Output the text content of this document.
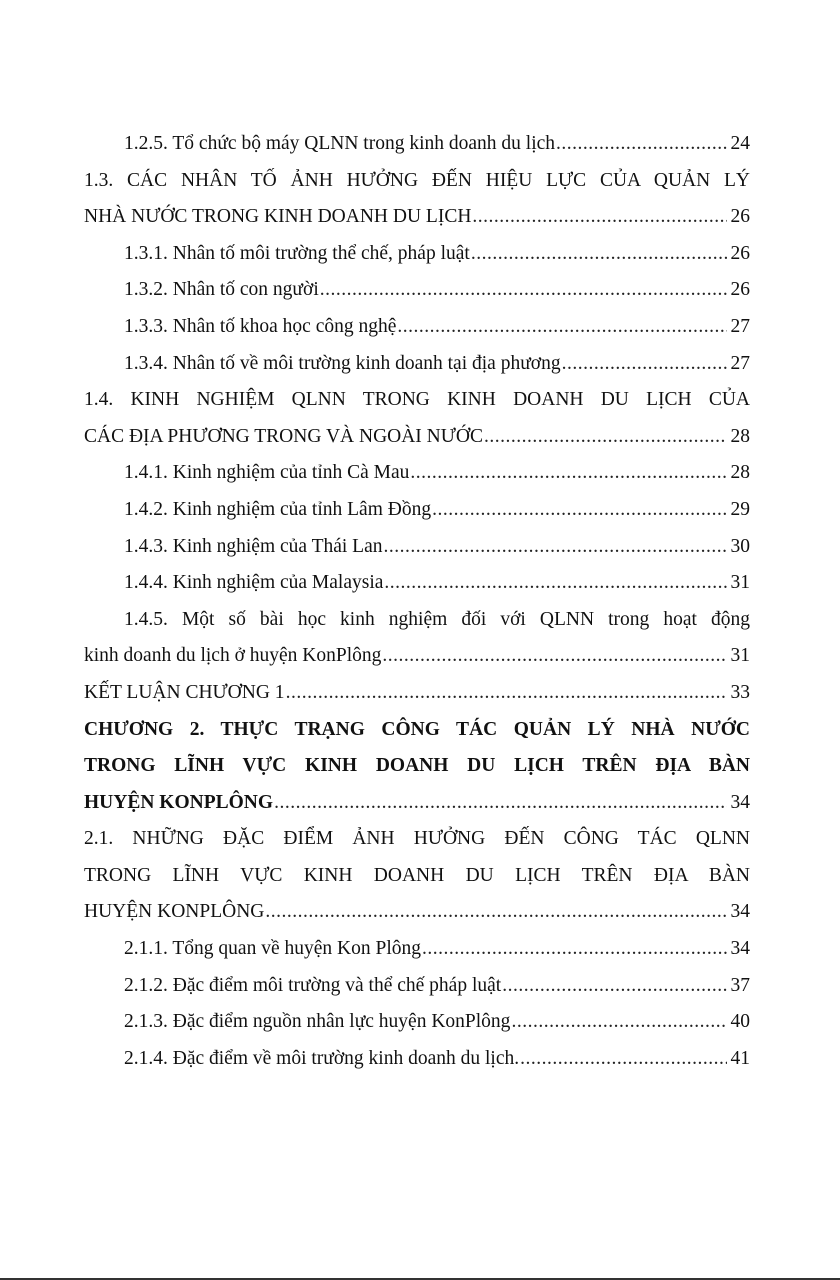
1.2.5. Tổ chức bộ máy QLNN trong kinh doanh du lịch .....	24
1.3. CÁC NHÂN TỐ ẢNH HƯỞNG ĐẾN HIỆU LỰC CỦA QUẢN LÝ
NHÀ NƯỚC TRONG KINH DOANH DU LỊCH .....	26
1.3.1. Nhân tố môi trường thể chế, pháp luật .....	26
1.3.2. Nhân tố con người .....	26
1.3.3. Nhân tố khoa học công nghệ .....	27
1.3.4. Nhân tố về môi trường kinh doanh tại địa phương .....	27
1.4. KINH NGHIỆM QLNN TRONG KINH DOANH DU LỊCH CỦA
CÁC ĐỊA PHƯƠNG TRONG VÀ NGOÀI NƯỚC .....	28
1.4.1. Kinh nghiệm của tỉnh Cà Mau .....	28
1.4.2. Kinh nghiệm của tỉnh Lâm Đồng .....	29
1.4.3. Kinh nghiệm của Thái Lan .....	30
1.4.4. Kinh nghiệm của Malaysia .....	31
1.4.5. Một số bài học kinh nghiệm đối với QLNN trong hoạt động
kinh doanh du lịch ở huyện KonPlông .....	31
KẾT LUẬN CHƯƠNG 1 .....	33
CHƯƠNG 2. THỰC TRẠNG CÔNG TÁC QUẢN LÝ NHÀ NƯỚC
TRONG LĨNH VỰC KINH DOANH DU LỊCH TRÊN ĐỊA BÀN
HUYỆN KONPLÔNG .....	34
2.1. NHỮNG ĐẶC ĐIỂM ẢNH HƯỞNG ĐẾN CÔNG TÁC QLNN
TRONG LĨNH VỰC KINH DOANH DU LỊCH TRÊN ĐỊA BÀN
HUYỆN KONPLÔNG .....	34
2.1.1. Tổng quan về huyện Kon Plông .....	34
2.1.2. Đặc điểm môi trường và thể chế pháp luật .....	37
2.1.3. Đặc điểm nguồn nhân lực huyện KonPlông .....	40
2.1.4. Đặc điểm về môi trường kinh doanh du lịch. .....	41
